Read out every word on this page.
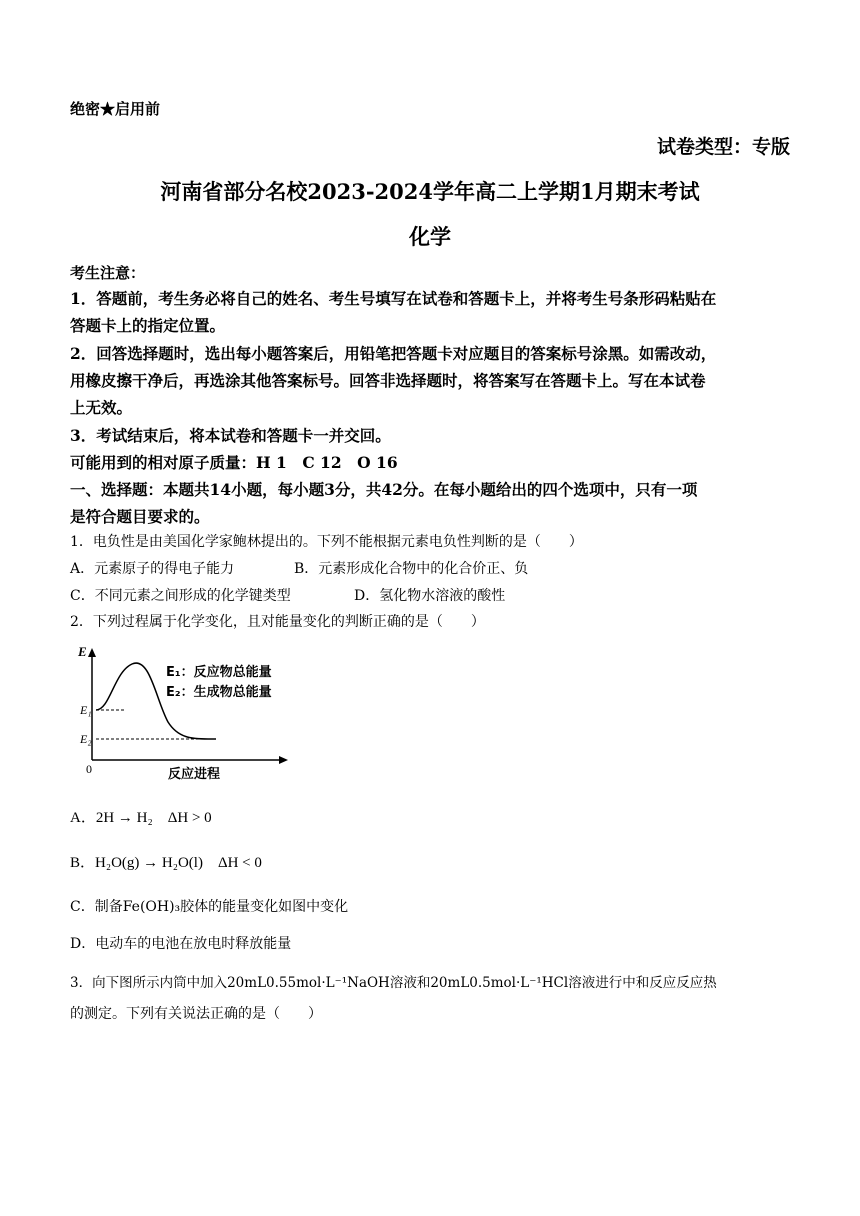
绝密★启用前
试卷类型：专版
河南省部分名校2023-2024学年高二上学期1月期末考试
化学
考生注意：
1．答题前，考生务必将自己的姓名、考生号填写在试卷和答题卡上，并将考生号条形码粘贴在
答题卡上的指定位置。
2．回答选择题时，选出每小题答案后，用铅笔把答题卡对应题目的答案标号涂黑。如需改动，
用橡皮擦干净后，再选涂其他答案标号。回答非选择题时，将答案写在答题卡上。写在本试卷
上无效。
3．考试结束后，将本试卷和答题卡一并交回。
可能用到的相对原子质量：H 1　C 12　O 16
一、选择题：本题共14小题，每小题3分，共42分。在每小题给出的四个选项中，只有一项
是符合题目要求的。
1．电负性是由美国化学家鲍林提出的。下列不能根据元素电负性判断的是（　　）
A．元素原子的得电子能力	B．元素形成化合物中的化合价正、负
C．不同元素之间形成的化学键类型	D．氢化物水溶液的酸性
2．下列过程属于化学变化，且对能量变化的判断正确的是（　　）
E
E₁
E₂
0
E₁：反应物总能量
E₂：生成物总能量
反应进程
A．2H → H₂　ΔH > 0
B．H₂O(g) → H₂O(l)　ΔH < 0
C．制备Fe(OH)₃胶体的能量变化如图中变化
D．电动车的电池在放电时释放能量
3．向下图所示内筒中加入20mL0.55mol·L⁻¹NaOH溶液和20mL0.5mol·L⁻¹HCl溶液进行中和反应反应热
的测定。下列有关说法正确的是（　　）
